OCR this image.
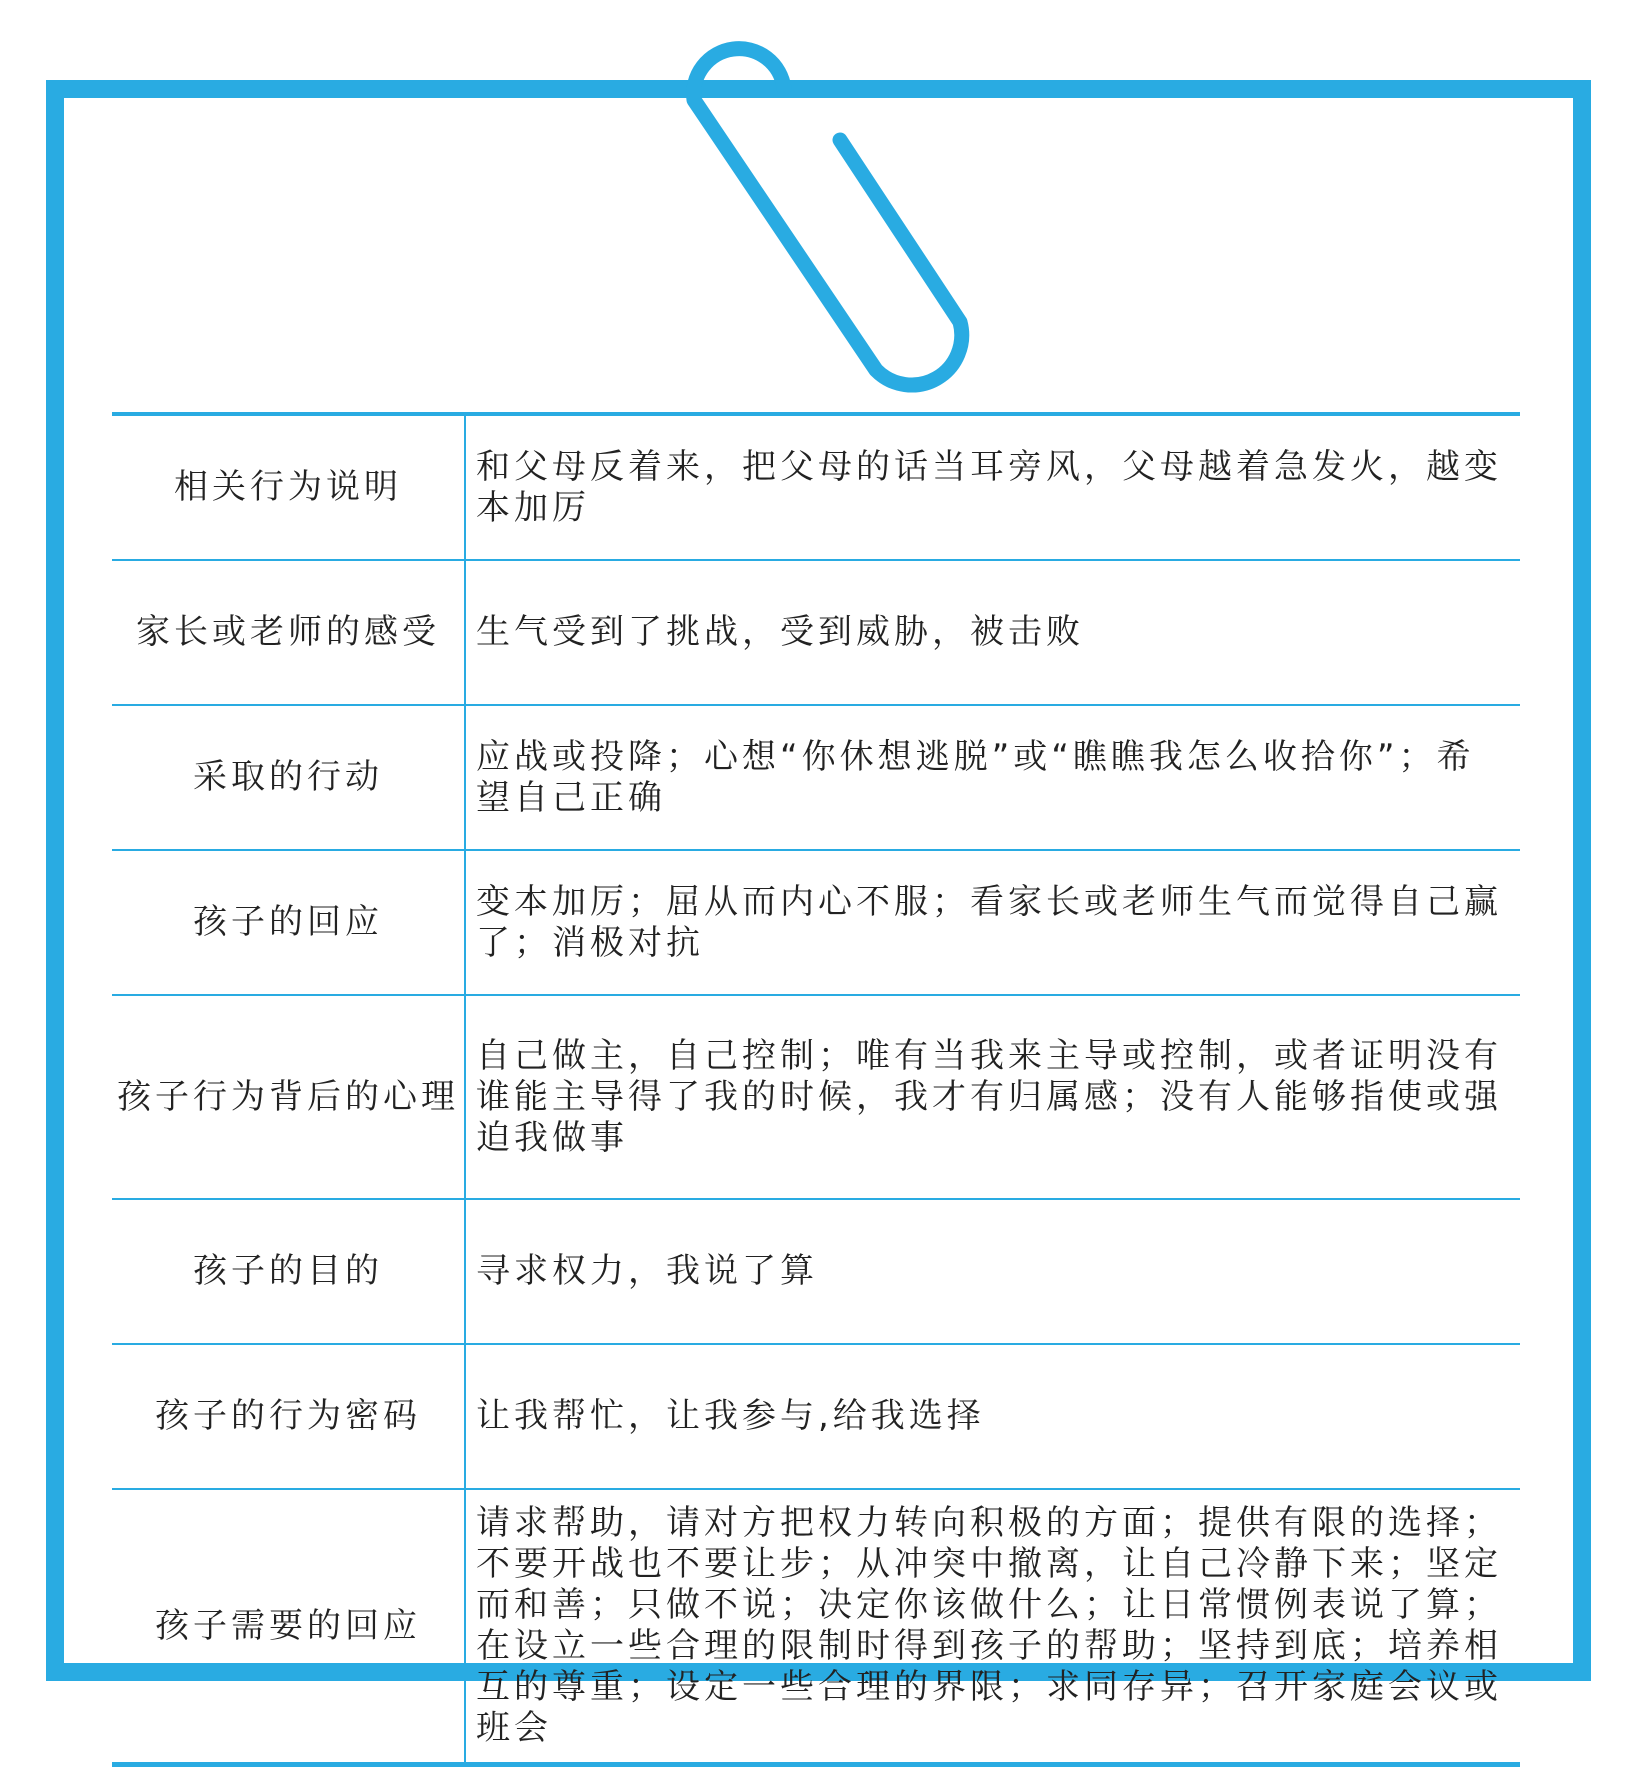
相关行为说明	和父母反着来，把父母的话当耳旁风，父母越着急发火，越变本加厉
家长或老师的感受	生气受到了挑战，受到威胁，被击败
采取的行动	应战或投降；心想“你休想逃脱”或“瞧瞧我怎么收拾你”；希望自己正确
孩子的回应	变本加厉；屈从而内心不服；看家长或老师生气而觉得自己赢了；消极对抗
孩子行为背后的心理	自己做主，自己控制；唯有当我来主导或控制，或者证明没有谁能主导得了我的时候，我才有归属感；没有人能够指使或强迫我做事
孩子的目的	寻求权力，我说了算
孩子的行为密码	让我帮忙，让我参与,给我选择
孩子需要的回应	请求帮助，请对方把权力转向积极的方面；提供有限的选择；不要开战也不要让步；从冲突中撤离，让自己冷静下来；坚定而和善；只做不说；决定你该做什么；让日常惯例表说了算；在设立一些合理的限制时得到孩子的帮助；坚持到底；培养相互的尊重；设定一些合理的界限；求同存异；召开家庭会议或班会
